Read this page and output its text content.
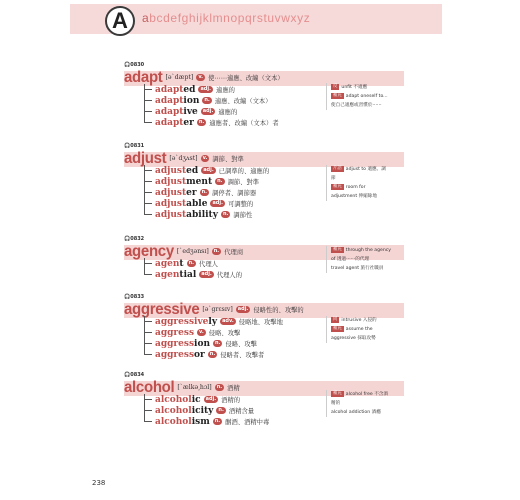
A	abcdefghijklmnopqrstuvwxyz
🎧0830
adapt [əˋdæpt]	v. 使⋯⋯適應、改編（文本）
adapted	adj. 適應的
adaption	n. 適應、改編（文本）
adaptive	adj. 適應的
adapter	n. 適應者、改編（文本）者
🎧0831
adjust [əˋdʒʌst]	v. 調節、對準
adjusted	adj. 已調準的、適應的
adjustment	n. 調節、對準
adjuster	n. 調停者、調節器
adjustable	adj. 可調整的
adjustability	n. 調節性
🎧0832
agency [ˋedʒənsɪ]	n. 代理商
agent	n. 代理人
agential	adj. 代理人的
🎧0833
aggressive [əˋgrɛsɪv]	adj. 侵略性的、攻擊的
aggressively	adv. 侵略地、攻擊地
aggress	v. 侵略、攻擊
aggression	n. 侵略、攻擊
aggressor	n. 侵略者、攻擊者
🎧0834
alcohol [ˋælkə͵hɔl]	n. 酒精
alcoholic	adj. 酒精的
alcoholicity	n. 酒精含量
alcoholism	n. 酗酒、酒精中毒
238
反 unfit 不適應
補充 adapt oneself to...
使自己適應或習慣於⋯⋯
片語 adjust to 適應、調
節
補充 room for
adjustment 伸縮餘地
補充 through the agency
of 透過⋯⋯的代理
travel agent 旅行社職員
同 intrusive 入侵的
補充 assume the
aggressive 採取攻勢
補充 alcohol free 不含酒
精的
alcohol addiction 酒癮
